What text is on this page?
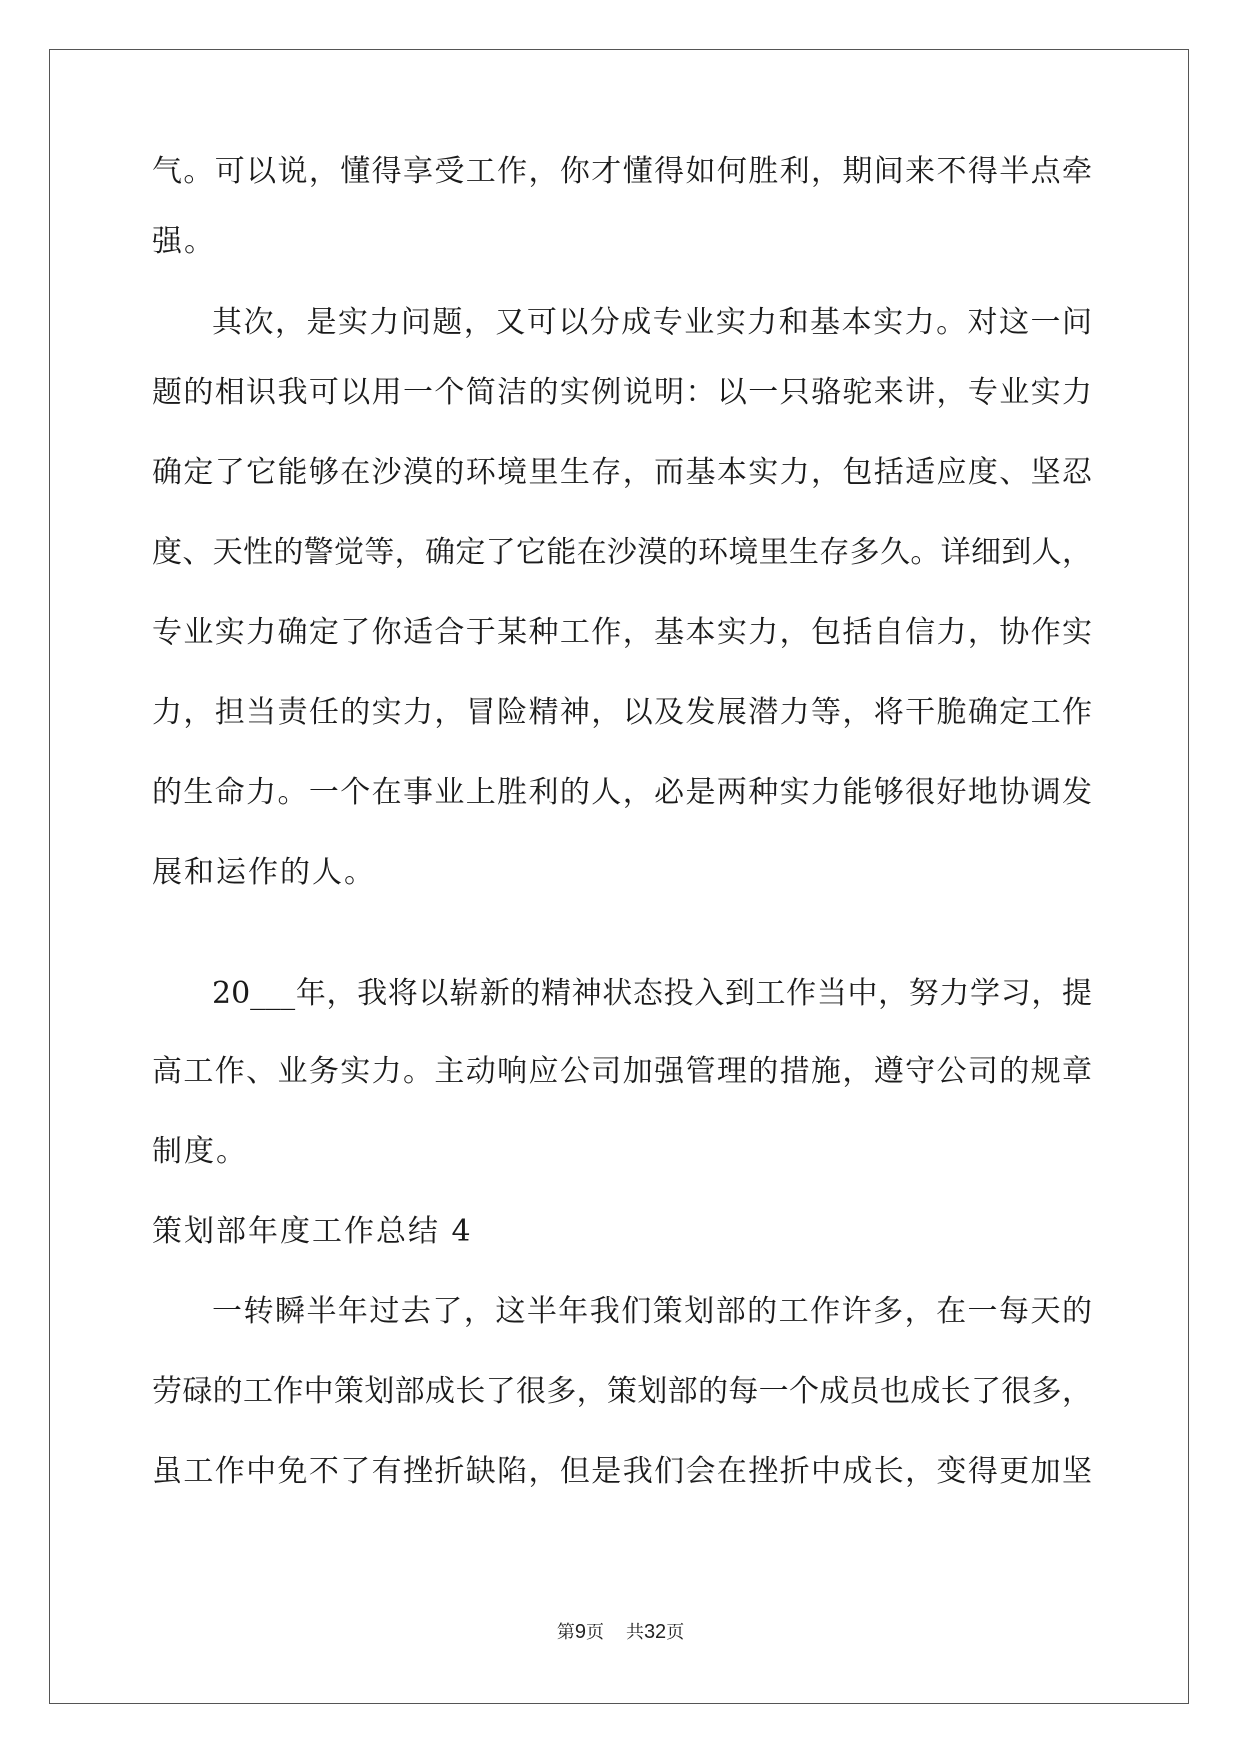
气。可以说，懂得享受工作，你才懂得如何胜利，期间来不得半点牵
强。
其次，是实力问题，又可以分成专业实力和基本实力。对这一问
题的相识我可以用一个简洁的实例说明：以一只骆驼来讲，专业实力
确定了它能够在沙漠的环境里生存，而基本实力，包括适应度、坚忍
度、天性的警觉等，确定了它能在沙漠的环境里生存多久。详细到人，
专业实力确定了你适合于某种工作，基本实力，包括自信力，协作实
力，担当责任的实力，冒险精神，以及发展潜力等，将干脆确定工作
的生命力。一个在事业上胜利的人，必是两种实力能够很好地协调发
展和运作的人。
20___年，我将以崭新的精神状态投入到工作当中，努力学习，提
高工作、业务实力。主动响应公司加强管理的措施，遵守公司的规章
制度。
策划部年度工作总结 4
一转瞬半年过去了，这半年我们策划部的工作许多，在一每天的
劳碌的工作中策划部成长了很多，策划部的每一个成员也成长了很多，
虽工作中免不了有挫折缺陷，但是我们会在挫折中成长，变得更加坚
第9页 共32页
